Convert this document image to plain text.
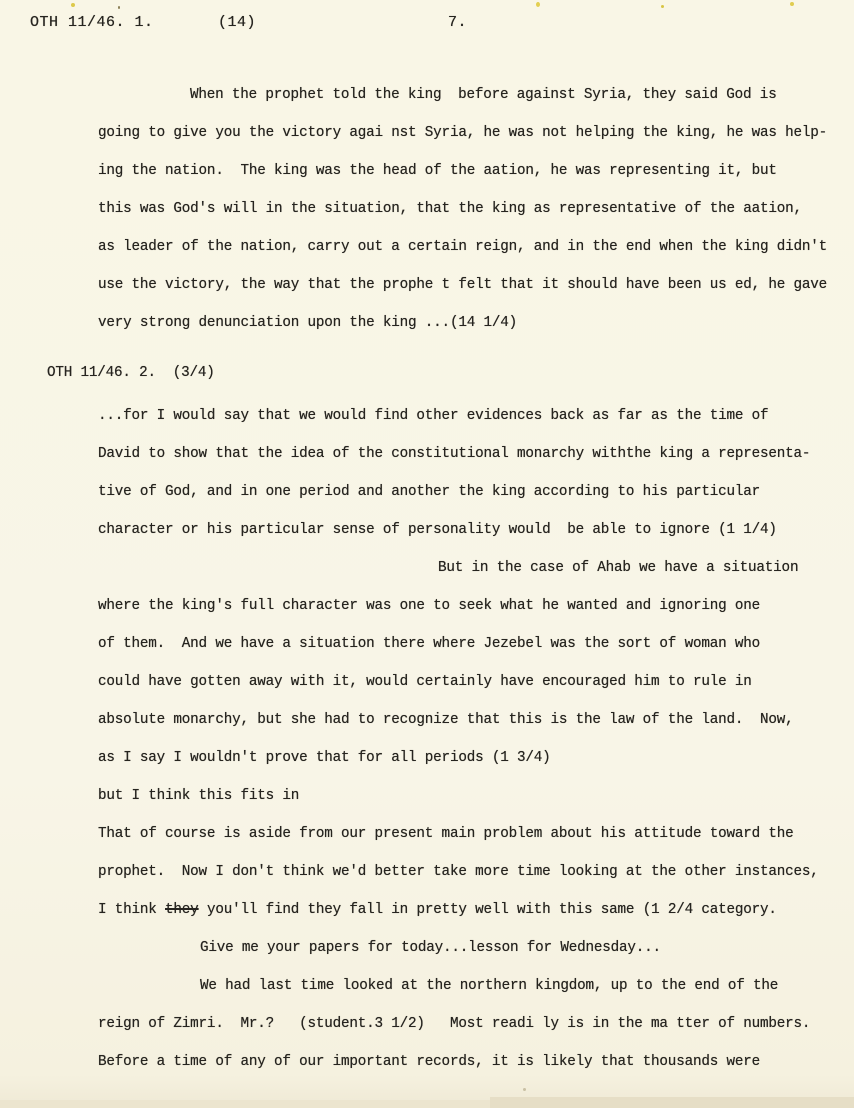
OTH 11/46. 1.	(14)	7.
When the prophet told the king  before against Syria, they said God is
going to give you the victory agai nst Syria, he was not helping the king, he was help-
ing the nation.  The king was the head of the aation, he was representing it, but
this was God's will in the situation, that the king as representative of the aation,
as leader of the nation, carry out a certain reign, and in the end when the king didn't
use the victory, the way that the prophe t felt that it should have been us ed, he gave
very strong denunciation upon the king ...(14 1/4)
OTH 11/46. 2.  (3/4)
...for I would say that we would find other evidences back as far as the time of
David to show that the idea of the constitutional monarchy withthe king a representa-
tive of God, and in one period and another the king according to his particular
character or his particular sense of personality would  be able to ignore (1 1/4)
But in the case of Ahab we have a situation
where the king's full character was one to seek what he wanted and ignoring one
of them.  And we have a situation there where Jezebel was the sort of woman who
could have gotten away with it, would certainly have encouraged him to rule in
absolute monarchy, but she had to recognize that this is the law of the land.  Now,
as I say I wouldn't prove that for all periods (1 3/4)
but I think this fits in
That of course is aside from our present main problem about his attitude toward the
prophet.  Now I don't think we'd better take more time looking at the other instances,
I think they you'll find they fall in pretty well with this same (1 2/4 category.
Give me your papers for today...lesson for Wednesday...
We had last time looked at the northern kingdom, up to the end of the
reign of Zimri.  Mr.?   (student.3 1/2)   Most readi ly is in the ma tter of numbers.
Before a time of any of our important records, it is likely that thousands were
